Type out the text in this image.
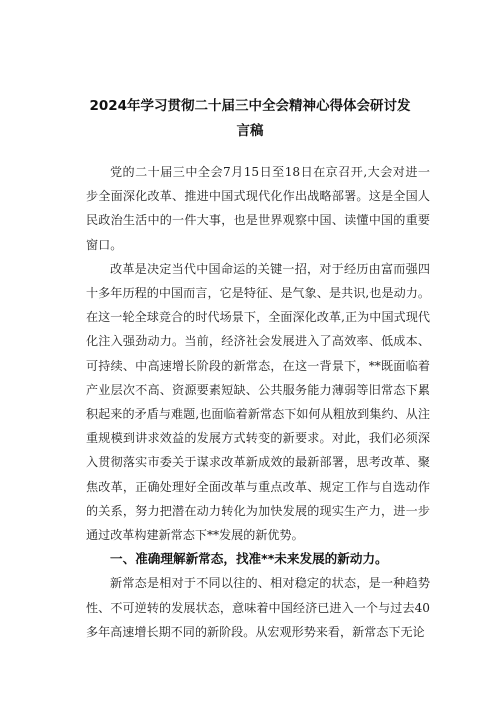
2024年学习贯彻二十届三中全会精神心得体会研讨发
言稿

党的二十届三中全会7月15日至18日在京召开,大会对进一步全面深化改革、推进中国式现代化作出战略部署。这是全国人民政治生活中的一件大事，也是世界观察中国、读懂中国的重要窗口。

改革是决定当代中国命运的关键一招，对于经历由富而强四十多年历程的中国而言，它是特征、是气象、是共识,也是动力。在这一轮全球竞合的时代场景下，全面深化改革,正为中国式现代化注入强劲动力。当前，经济社会发展进入了高效率、低成本、可持续、中高速增长阶段的新常态，在这一背景下，**既面临着产业层次不高、资源要素短缺、公共服务能力薄弱等旧常态下累积起来的矛盾与难题,也面临着新常态下如何从粗放到集约、从注重规模到讲求效益的发展方式转变的新要求。对此，我们必须深入贯彻落实市委关于谋求改革新成效的最新部署，思考改革、聚焦改革，正确处理好全面改革与重点改革、规定工作与自选动作的关系，努力把潜在动力转化为加快发展的现实生产力，进一步通过改革构建新常态下**发展的新优势。

一、准确理解新常态，找准**未来发展的新动力。

新常态是相对于不同以往的、相对稳定的状态，是一种趋势性、不可逆转的发展状态，意味着中国经济已进入一个与过去40多年高速增长期不同的新阶段。从宏观形势来看，新常态下无论
